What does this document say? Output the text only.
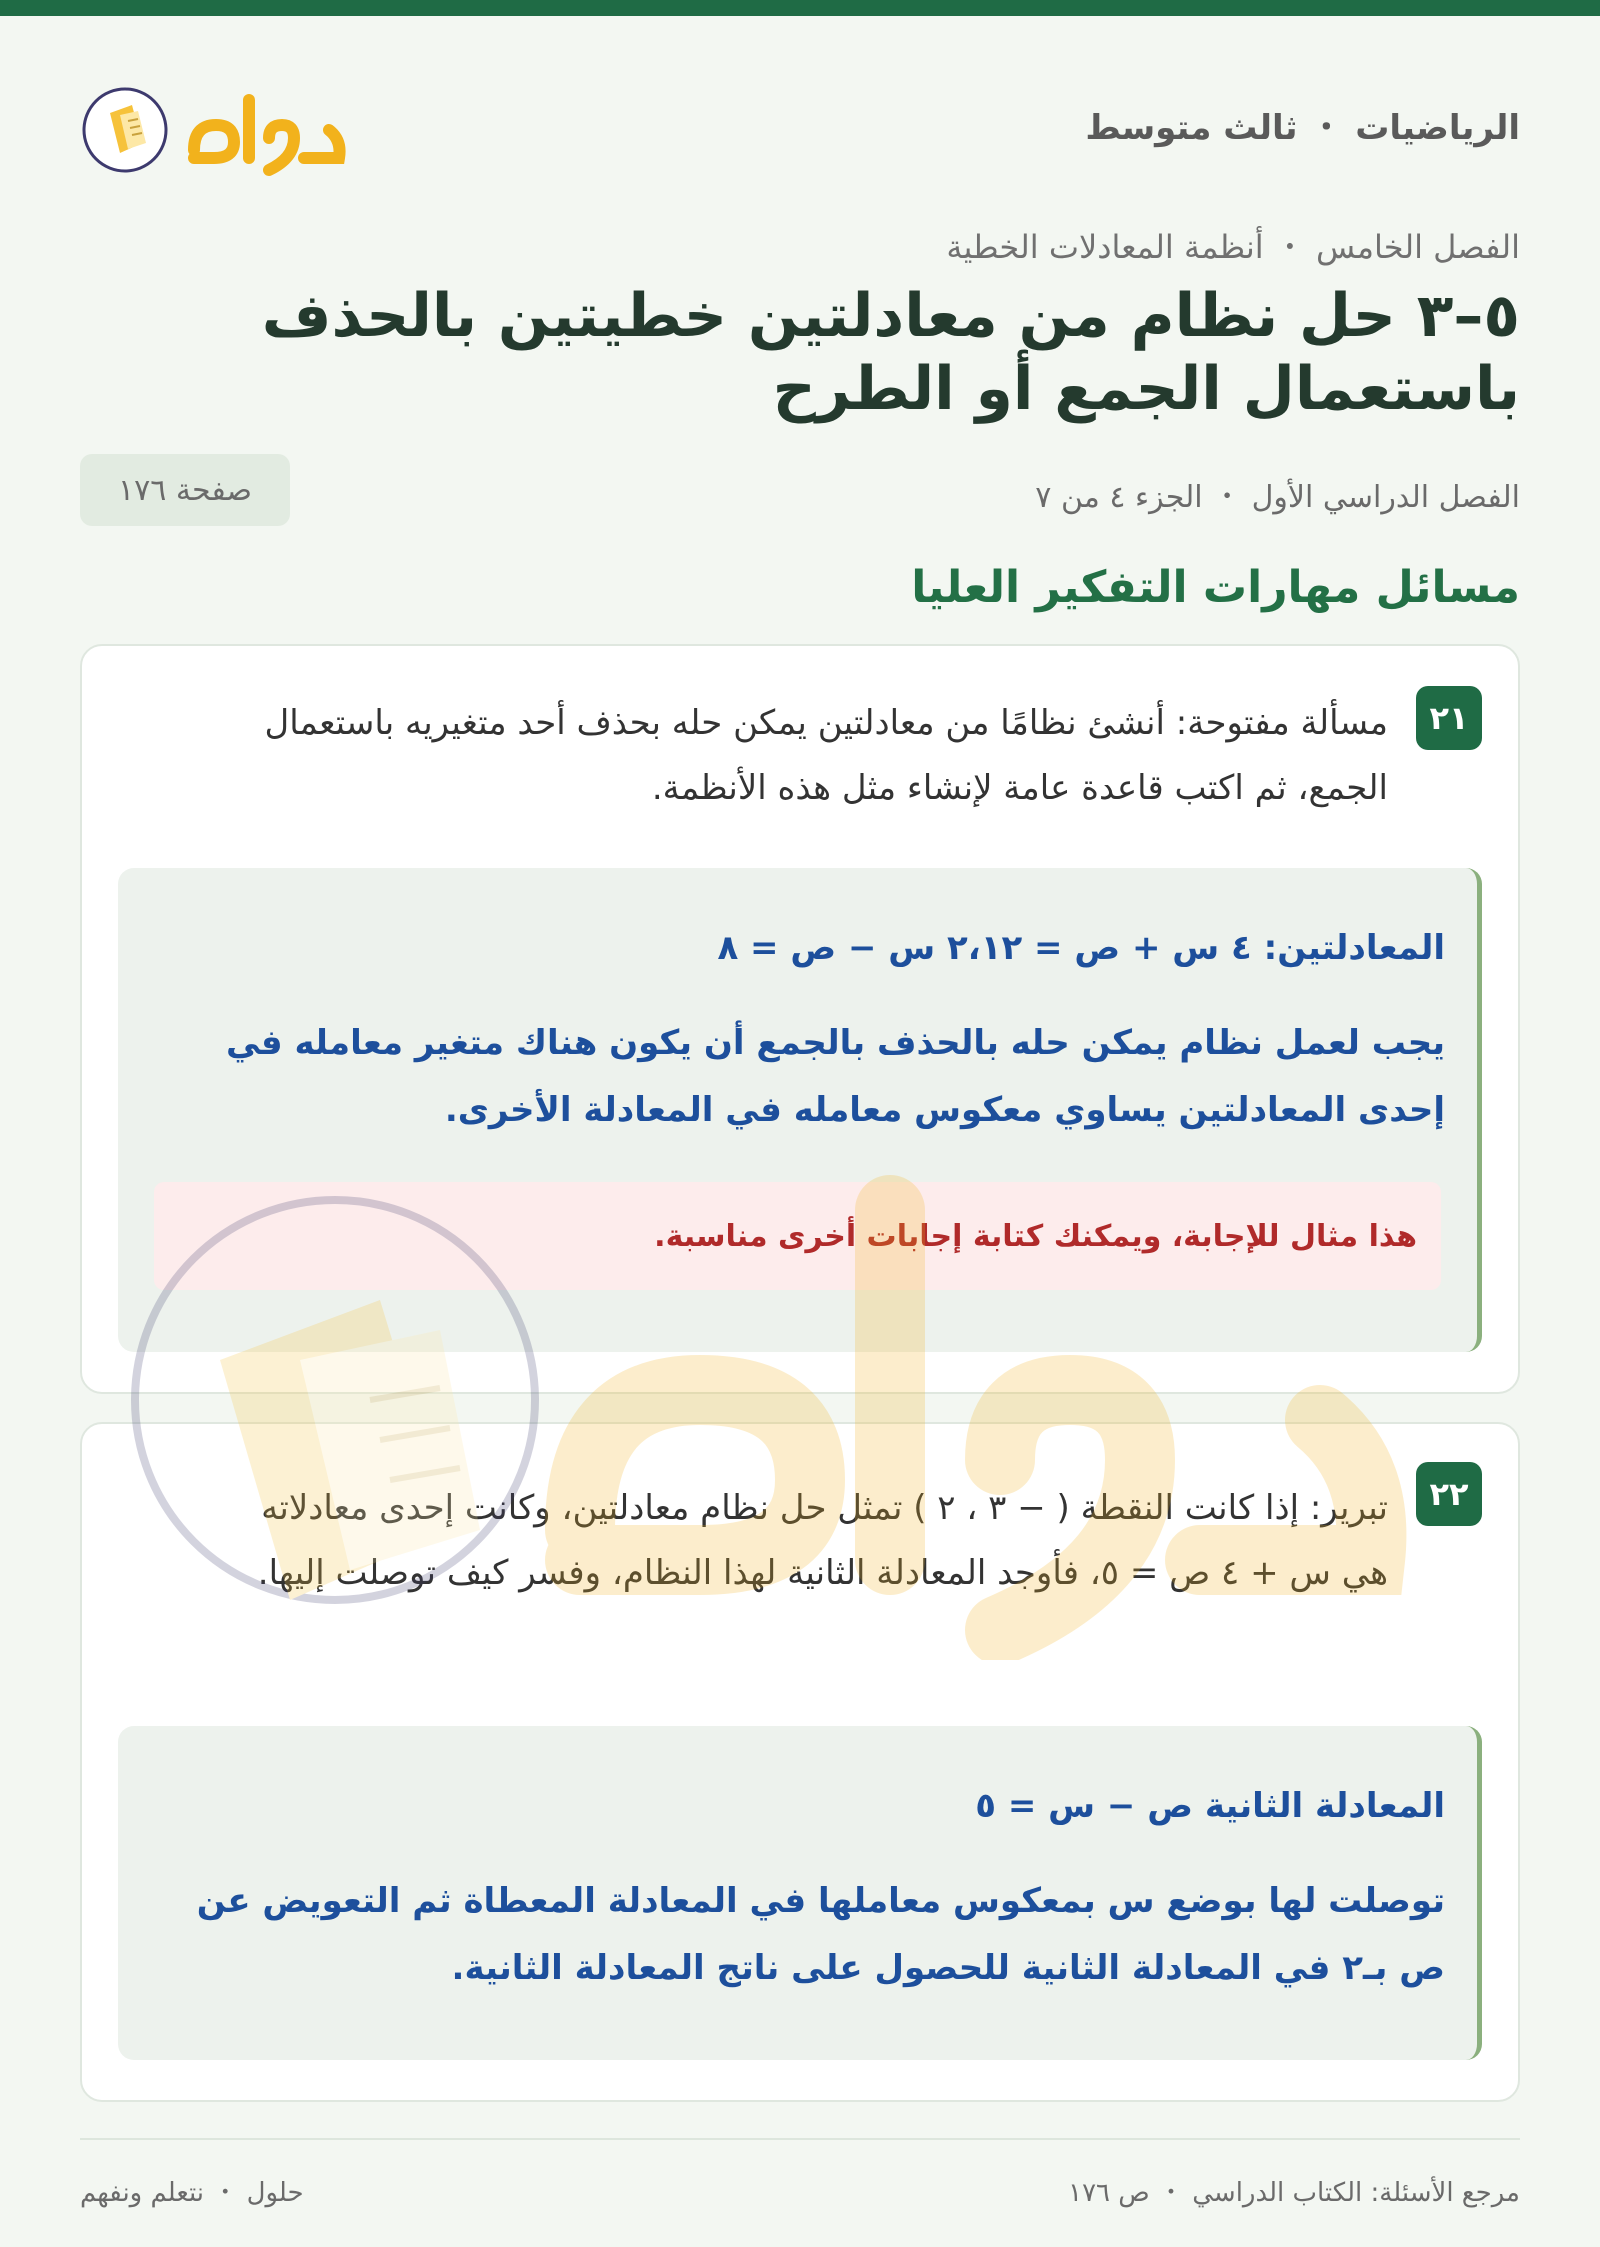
الرياضيات ・ ثالث متوسط
الفصل الخامس ・ أنظمة المعادلات الخطية
٥–٣ حل نظام من معادلتين خطيتين بالحذف باستعمال الجمع أو الطرح
الفصل الدراسي الأول ・ الجزء ٤ من ٧
صفحة ١٧٦
مسائل مهارات التفكير العليا
٢١

مسألة مفتوحة: أنشئ نظامًا من معادلتين يمكن حله بحذف أحد متغيريه باستعمال الجمع، ثم اكتب قاعدة عامة لإنشاء مثل هذه الأنظمة.

المعادلتين: ٤ س + ص = ٢،١٢ س − ص = ٨
يجب لعمل نظام يمكن حله بالحذف بالجمع أن يكون هناك متغير معامله في إحدى المعادلتين يساوي معكوس معامله في المعادلة الأخرى.
هذا مثال للإجابة، ويمكنك كتابة إجابات أخرى مناسبة.
٢٢

تبرير: إذا كانت النقطة ( − ٣ ، ٢ ) تمثل حل نظام معادلتين، وكانت إحدى معادلاته هي س + ٤ ص = ٥، فأوجد المعادلة الثانية لهذا النظام، وفسر كيف توصلت إليها.

المعادلة الثانية ص − س = ٥
توصلت لها بوضع س بمعكوس معاملها في المعادلة المعطاة ثم التعويض عن ص بـ٢ في المعادلة الثانية للحصول على ناتج المعادلة الثانية.
مرجع الأسئلة: الكتاب الدراسي ・ ص ١٧٦
حلول ・ نتعلم ونفهم
